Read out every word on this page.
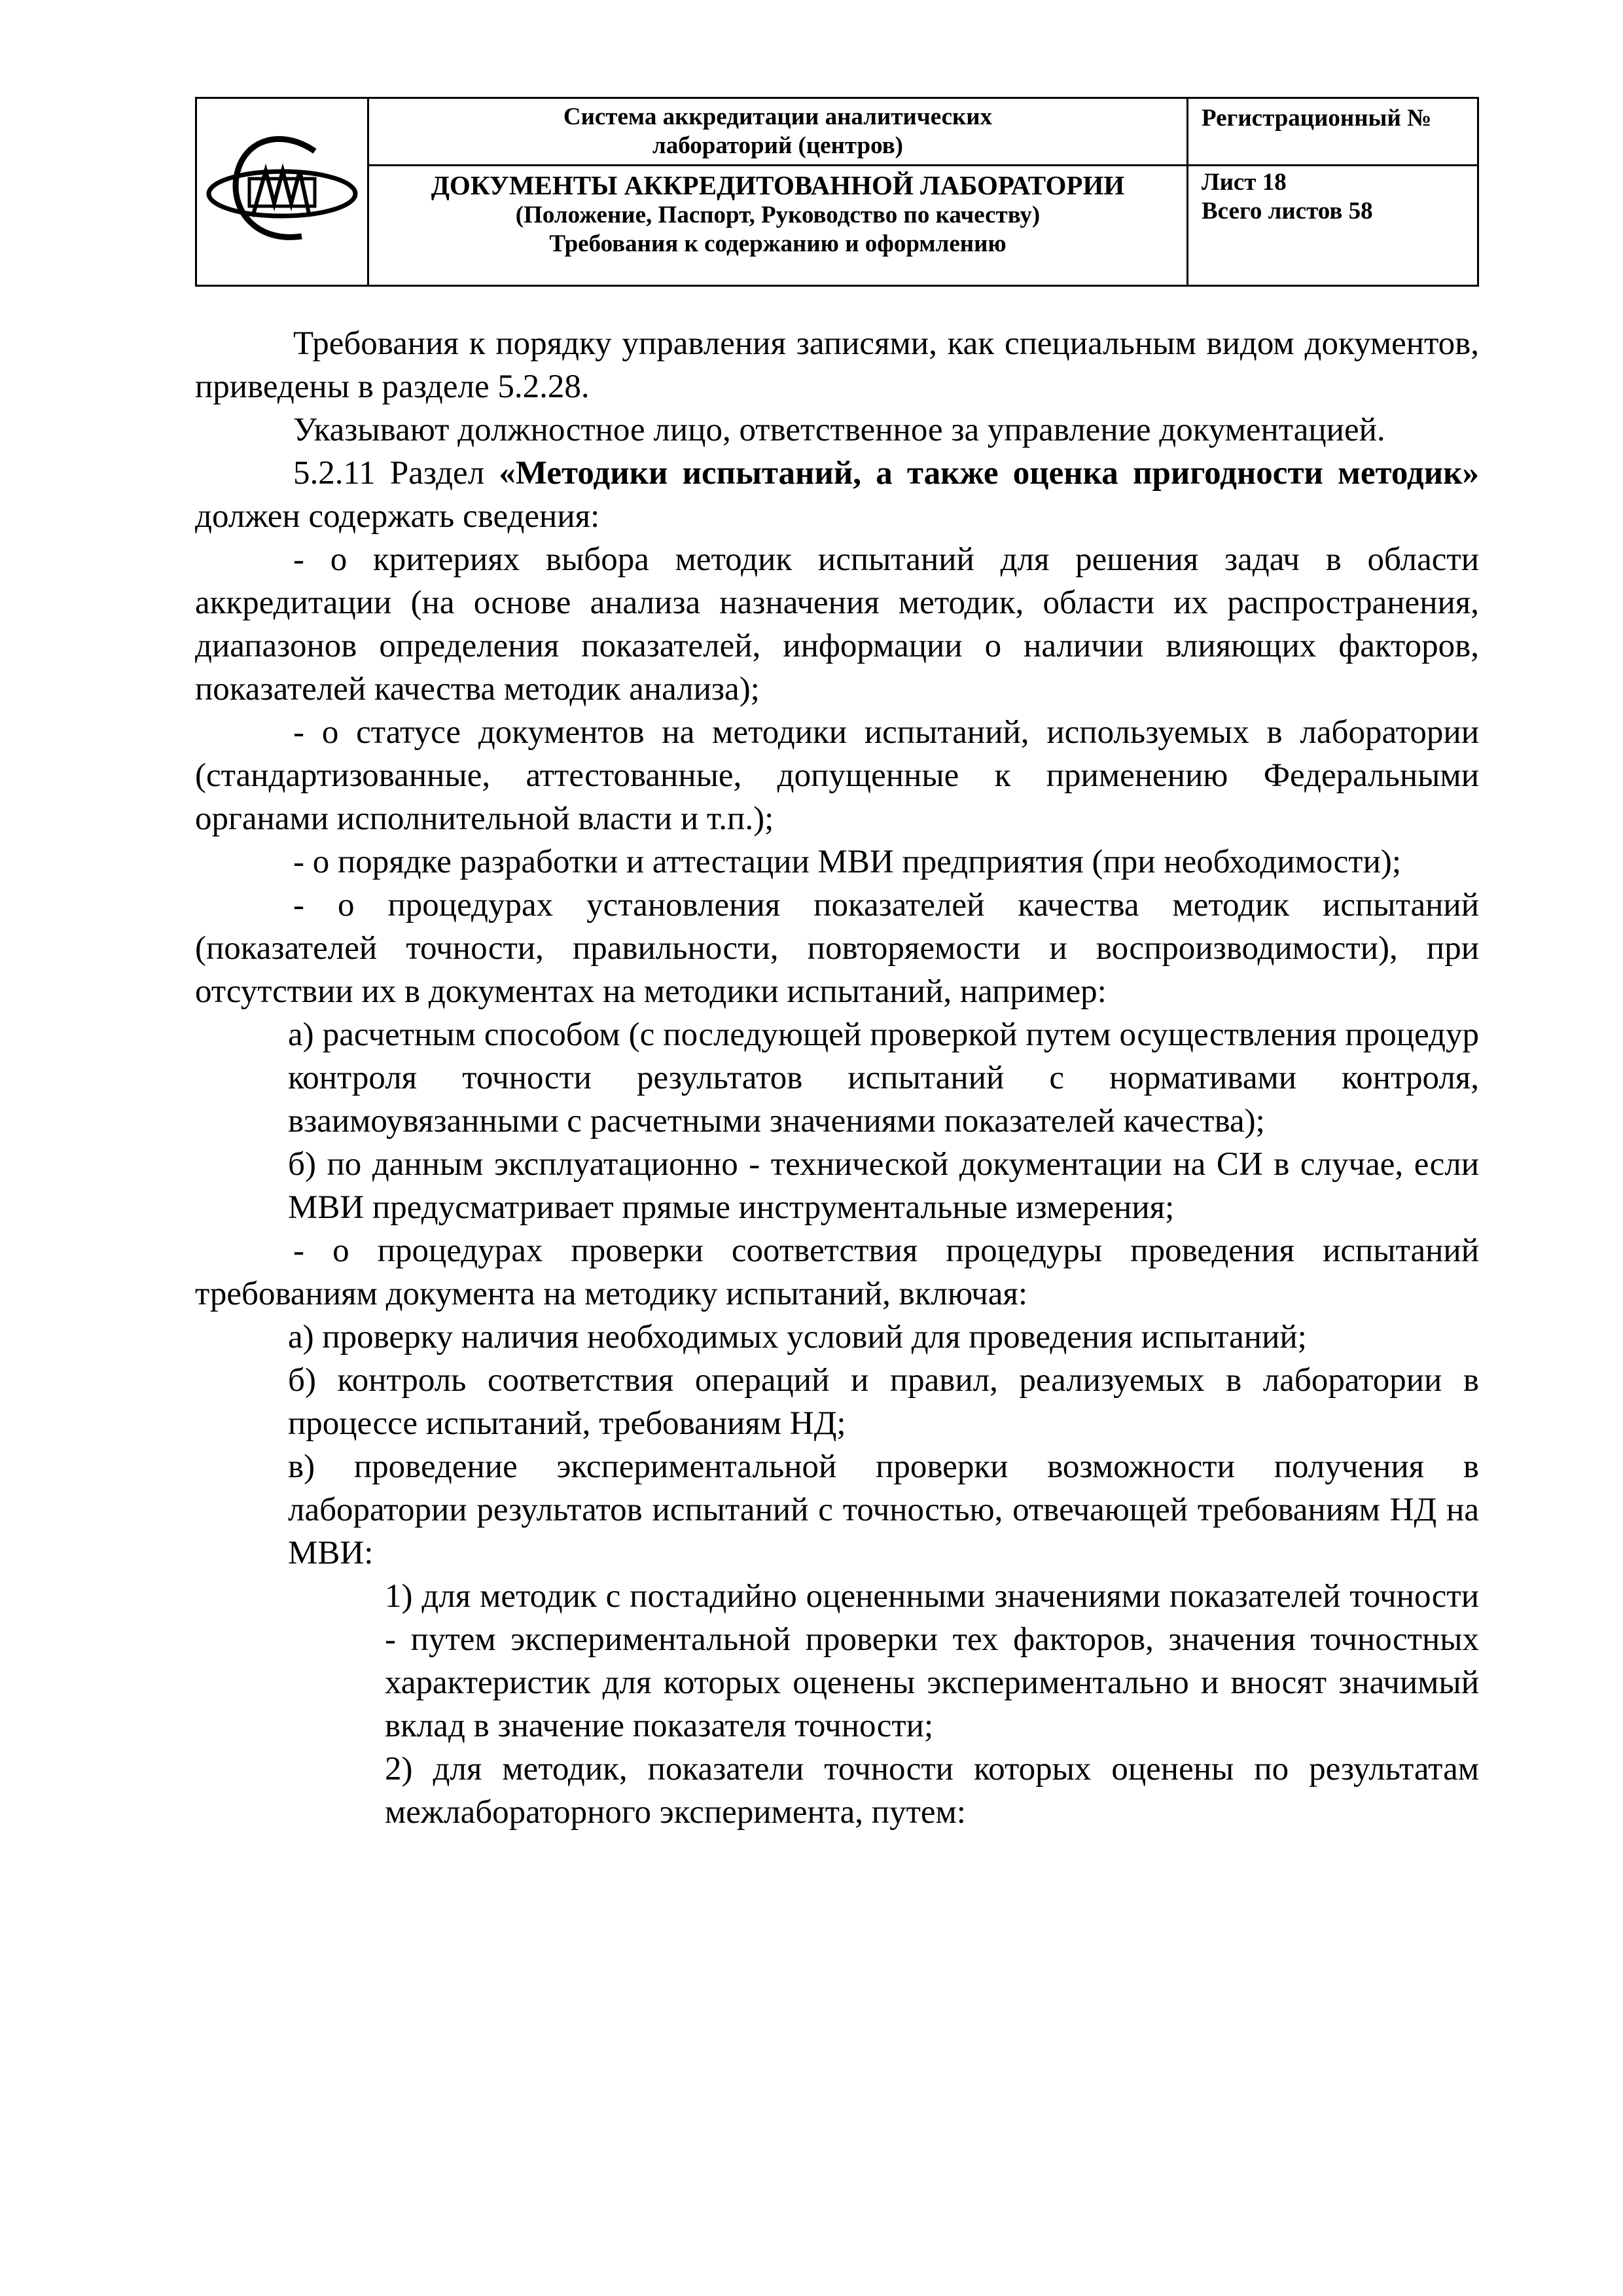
Система аккредитации аналитических
лабораторий (центров)
ДОКУМЕНТЫ АККРЕДИТОВАННОЙ ЛАБОРАТОРИИ
(Положение, Паспорт, Руководство по качеству)
Требования к содержанию и оформлению
Регистрационный №
Лист 18
Всего листов 58

Требования к порядку управления записями, как специальным видом документов, приведены в разделе 5.2.28.

Указывают должностное лицо, ответственное за управление документацией.

5.2.11 Раздел «Методики испытаний, а также оценка пригодности методик» должен содержать сведения:

- о критериях выбора методик испытаний для решения задач в области аккредитации (на основе анализа назначения методик, области их распространения, диапазонов определения показателей, информации о наличии влияющих факторов, показателей качества методик анализа);

- о статусе документов на методики испытаний, используемых в лаборатории (стандартизованные, аттестованные, допущенные к применению Федеральными органами исполнительной власти и т.п.);

- о порядке разработки и аттестации МВИ предприятия (при необходимости);

- о процедурах установления показателей качества методик испытаний (показателей точности, правильности, повторяемости и воспроизводимости), при отсутствии их в документах на методики испытаний, например:

а) расчетным способом (с последующей проверкой путем осуществления процедур контроля точности результатов испытаний с нормативами контроля, взаимоувязанными с расчетными значениями показателей качества);

б) по данным эксплуатационно - технической документации на СИ в случае, если МВИ предусматривает прямые инструментальные измерения;

- о процедурах проверки соответствия процедуры проведения испытаний требованиям документа на методику испытаний, включая:

а) проверку наличия необходимых условий для проведения испытаний;

б) контроль соответствия операций и правил, реализуемых в лаборатории в процессе испытаний, требованиям НД;

в) проведение экспериментальной проверки возможности получения в лаборатории результатов испытаний с точностью, отвечающей требованиям НД на МВИ:

1) для методик с постадийно оцененными значениями показателей точности - путем экспериментальной проверки тех факторов, значения точностных характеристик для которых оценены экспериментально и вносят значимый вклад в значение показателя точности;

2) для методик, показатели точности которых оценены по результатам межлабораторного эксперимента, путем:
